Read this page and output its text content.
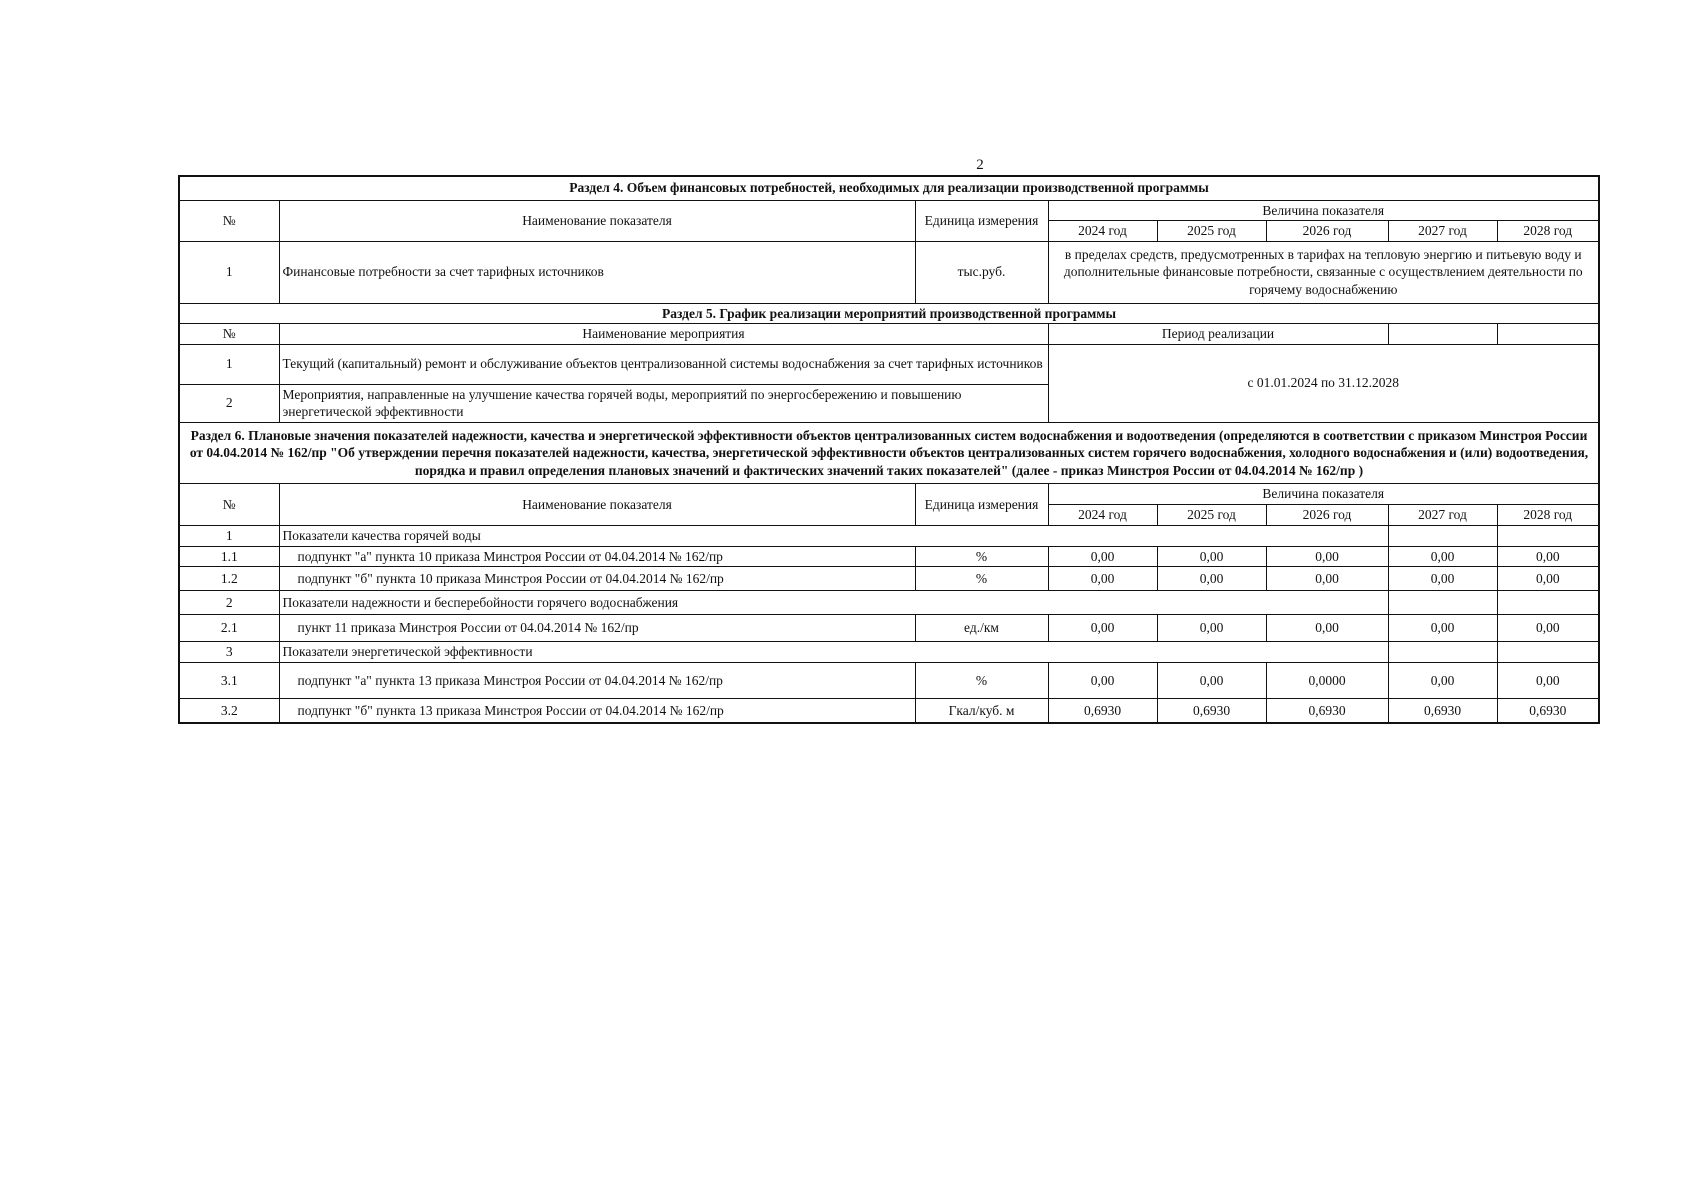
2
Раздел 4. Объем финансовых потребностей, необходимых для реализации производственной программы							
№	Наименование показателя	Единица измерения	Величина показателя				
			2024 год	2025 год	2026 год	2027 год	2028 год
1	Финансовые потребности за счет тарифных источников	тыс.руб.	в пределах средств, предусмотренных в тарифах на тепловую энергию и питьевую воду и дополнительные финансовые потребности, связанные с осуществлением деятельности по горячему водоснабжению				
Раздел 5. График реализации мероприятий производственной программы							
№	Наименование мероприятия		Период реализации				
1	Текущий (капитальный) ремонт и обслуживание объектов централизованной системы водоснабжения за счет тарифных источников		с 01.01.2024 по 31.12.2028				
2	Мероприятия, направленные на улучшение качества горячей воды, мероприятий по энергосбережению и повышению энергетической эффективности						
Раздел 6. Плановые значения показателей надежности, качества и энергетической эффективности объектов централизованных систем водоснабжения и водоотведения (определяются в соответствии с приказом Минстроя России от 04.04.2014 № 162/пр "Об утверждении перечня показателей надежности, качества, энергетической эффективности объектов централизованных систем горячего водоснабжения, холодного водоснабжения и (или) водоотведения, порядка и правил определения плановых значений и фактических значений таких показателей" (далее - приказ Минстроя России от 04.04.2014 № 162/пр )							
№	Наименование показателя	Единица измерения	Величина показателя				
			2024 год	2025 год	2026 год	2027 год	2028 год
1	Показатели качества горячей воды						
1.1	подпункт "а" пункта 10 приказа Минстроя России от 04.04.2014 № 162/пр	%	0,00	0,00	0,00	0,00	0,00
1.2	подпункт "б" пункта 10 приказа Минстроя России от 04.04.2014 № 162/пр	%	0,00	0,00	0,00	0,00	0,00
2	Показатели надежности и бесперебойности горячего водоснабжения						
2.1	пункт 11 приказа Минстроя России от 04.04.2014 № 162/пр	ед./км	0,00	0,00	0,00	0,00	0,00
3	Показатели энергетической эффективности						
3.1	подпункт "а" пункта 13 приказа Минстроя России от 04.04.2014 № 162/пр	%	0,00	0,00	0,0000	0,00	0,00
3.2	подпункт "б" пункта 13 приказа Минстроя России от 04.04.2014 № 162/пр	Гкал/куб. м	0,6930	0,6930	0,6930	0,6930	0,6930
